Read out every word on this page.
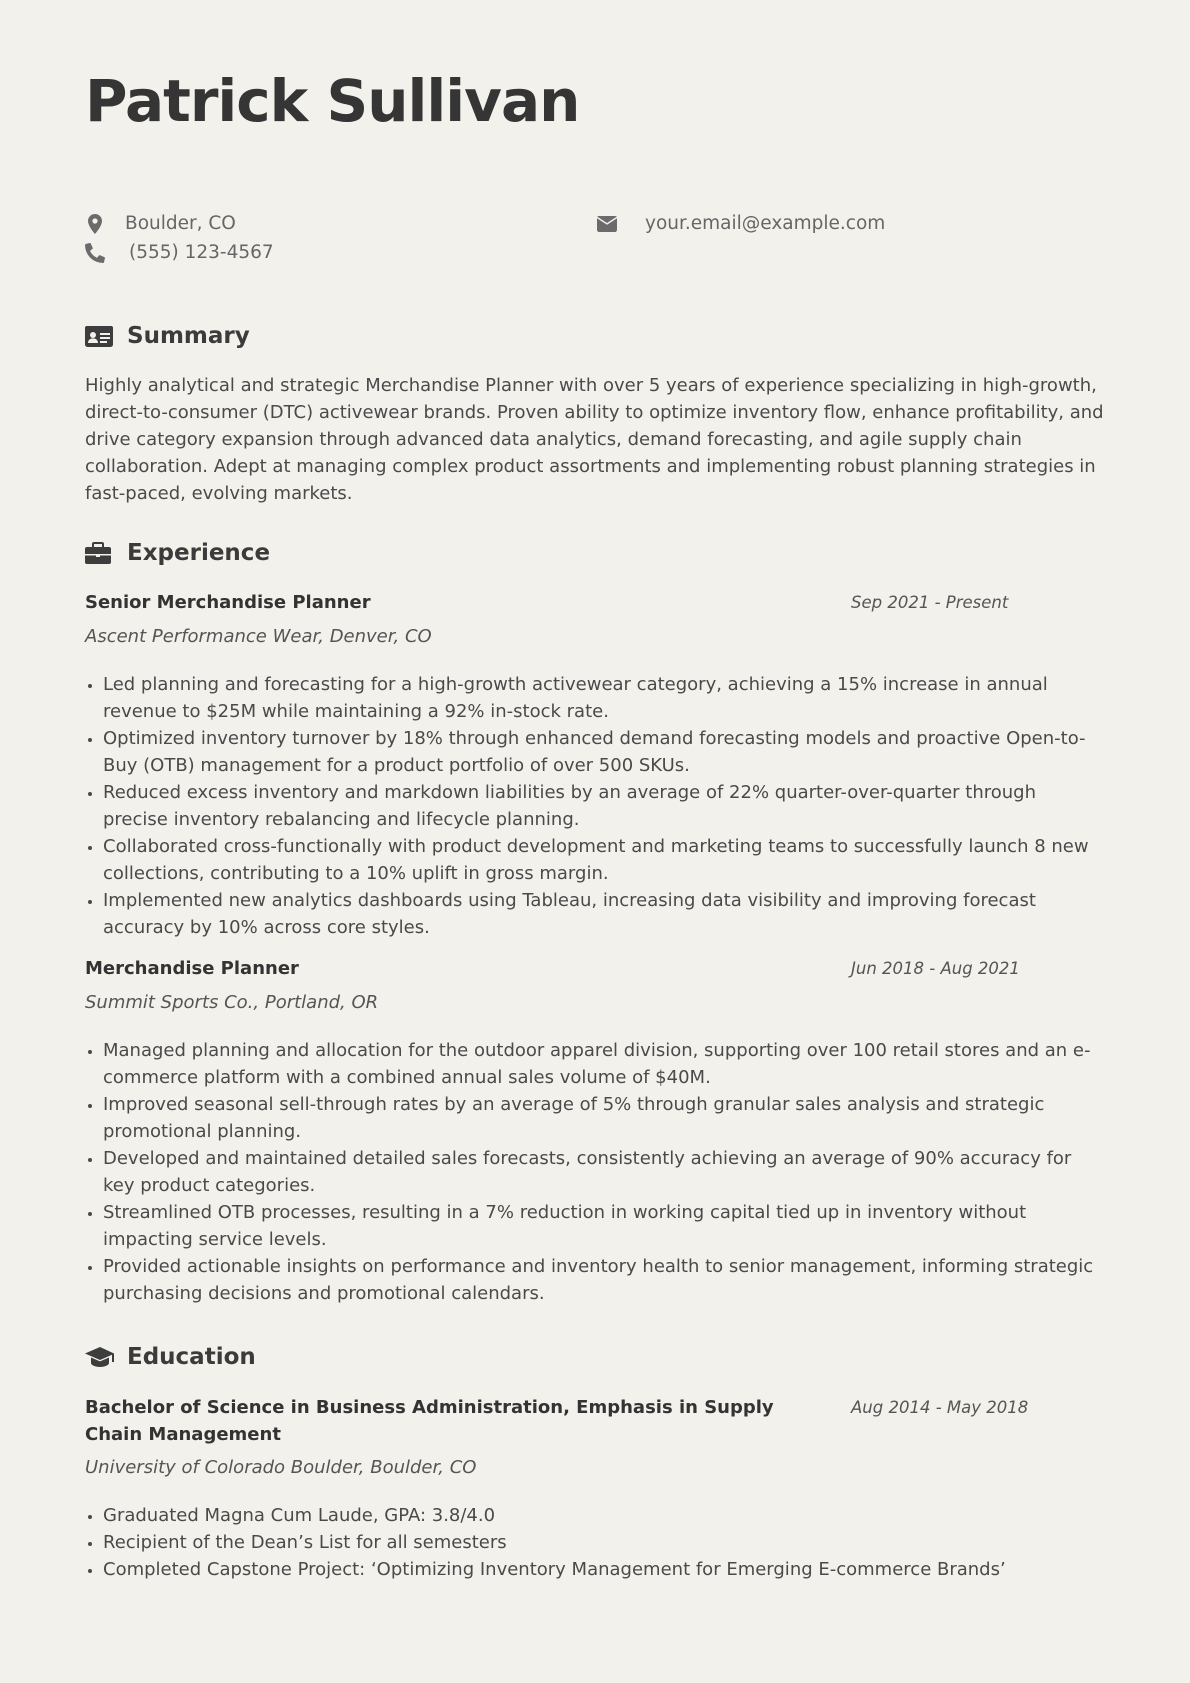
Patrick Sullivan
Boulder, CO
(555) 123-4567
your.email@example.com
Summary

Highly analytical and strategic Merchandise Planner with over 5 years of experience specializing in high-growth, direct-to-consumer (DTC) activewear brands. Proven ability to optimize inventory flow, enhance profitability, and drive category expansion through advanced data analytics, demand forecasting, and agile supply chain collaboration. Adept at managing complex product assortments and implementing robust planning strategies in fast-paced, evolving markets.

Experience
Senior Merchandise Planner	Sep 2021 - Present
Ascent Performance Wear, Denver, CO
• Led planning and forecasting for a high-growth activewear category, achieving a 15% increase in annual revenue to $25M while maintaining a 92% in-stock rate.
• Optimized inventory turnover by 18% through enhanced demand forecasting models and proactive Open-to-Buy (OTB) management for a product portfolio of over 500 SKUs.
• Reduced excess inventory and markdown liabilities by an average of 22% quarter-over-quarter through precise inventory rebalancing and lifecycle planning.
• Collaborated cross-functionally with product development and marketing teams to successfully launch 8 new collections, contributing to a 10% uplift in gross margin.
• Implemented new analytics dashboards using Tableau, increasing data visibility and improving forecast accuracy by 10% across core styles.
Merchandise Planner	Jun 2018 - Aug 2021
Summit Sports Co., Portland, OR
• Managed planning and allocation for the outdoor apparel division, supporting over 100 retail stores and an e-commerce platform with a combined annual sales volume of $40M.
• Improved seasonal sell-through rates by an average of 5% through granular sales analysis and strategic promotional planning.
• Developed and maintained detailed sales forecasts, consistently achieving an average of 90% accuracy for key product categories.
• Streamlined OTB processes, resulting in a 7% reduction in working capital tied up in inventory without impacting service levels.
• Provided actionable insights on performance and inventory health to senior management, informing strategic purchasing decisions and promotional calendars.
Education
Bachelor of Science in Business Administration, Emphasis in Supply Chain Management
Aug 2014 - May 2018
University of Colorado Boulder, Boulder, CO
• Graduated Magna Cum Laude, GPA: 3.8/4.0
• Recipient of the Dean’s List for all semesters
• Completed Capstone Project: ‘Optimizing Inventory Management for Emerging E-commerce Brands’
